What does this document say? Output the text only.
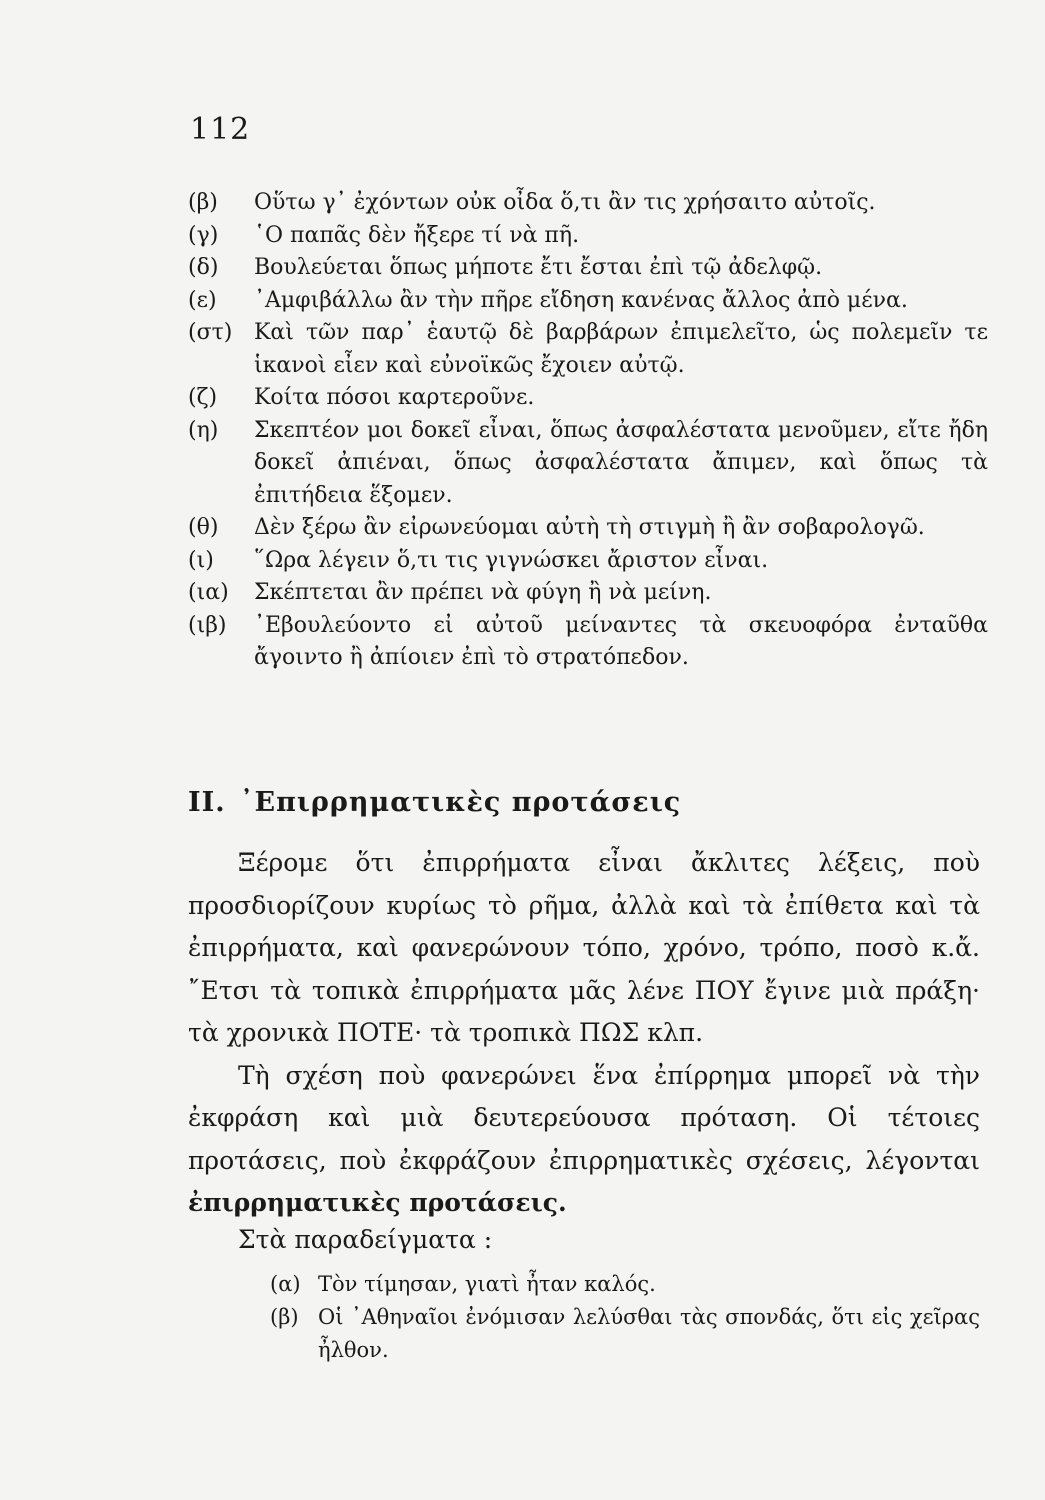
112
(β)	Οὕτω γ᾽ ἐχόντων οὐκ οἶδα ὅ,τι ἂν τις χρήσαιτο αὐτοῖς.
(γ)	῾Ο παπᾶς δὲν ἤξερε τί νὰ πῆ.
(δ)	Βουλεύεται ὅπως μήποτε ἔτι ἔσται ἐπὶ τῷ ἀδελφῷ.
(ε)	᾽Αμφιβάλλω ἂν τὴν πῆρε εἴδηση κανένας ἄλλος ἀπὸ μένα.
(στ) Καὶ τῶν παρ᾽ ἑαυτῷ δὲ βαρβάρων ἐπιμελεῖτο, ὡς πολεμεῖν τε ἱκανοὶ εἶεν καὶ εὐνοϊκῶς ἔχοιεν αὐτῷ.
(ζ)	Κοίτα πόσοι καρτεροῦνε.
(η)	Σκεπτέον μοι δοκεῖ εἶναι, ὅπως ἀσφαλέστατα μενοῦμεν, εἴτε ἤδη δοκεῖ ἀπιέναι, ὅπως ἀσφαλέστατα ἄπιμεν, καὶ ὅπως τὰ ἐπιτήδεια ἕξομεν.
(θ)	Δὲν ξέρω ἂν εἰρωνεύομαι αὐτὴ τὴ στιγμὴ ἢ ἂν σοβαρολογῶ.
(ι)	῞Ωρα λέγειν ὅ,τι τις γιγνώσκει ἄριστον εἶναι.
(ια)	Σκέπτεται ἂν πρέπει νὰ φύγη ἢ νὰ μείνη.
(ιβ)	᾽Εβουλεύοντο εἰ αὐτοῦ μείναντες τὰ σκευοφόρα ἐνταῦθα ἄγοιντο ἢ ἀπίοιεν ἐπὶ τὸ στρατόπεδον.
II. ᾽Επιρρηματικὲς προτάσεις

Ξέρομε ὅτι ἐπιρρήματα εἶναι ἄκλιτες λέξεις, ποὺ προσδιορίζουν κυρίως τὸ ρῆμα, ἀλλὰ καὶ τὰ ἐπίθετα καὶ τὰ ἐπιρρήματα, καὶ φανερώνουν τόπο, χρόνο, τρόπο, ποσὸ κ.ἄ. ῎Ετσι τὰ τοπικὰ ἐπιρρήματα μᾶς λένε ΠΟΥ ἔγινε μιὰ πράξη· τὰ χρονικὰ ΠΟΤΕ· τὰ τροπικὰ ΠΩΣ κλπ.

Τὴ σχέση ποὺ φανερώνει ἕνα ἐπίρρημα μπορεῖ νὰ τὴν ἐκφράση καὶ μιὰ δευτερεύουσα πρόταση. Οἱ τέτοιες προτάσεις, ποὺ ἐκφράζουν ἐπιρρηματικὲς σχέσεις, λέγονται ἐπιρρηματικὲς προτάσεις.

Στὰ παραδείγματα :
(α) Τὸν τίμησαν, γιατὶ ἦταν καλός.
(β) Οἱ ᾽Αθηναῖοι ἐνόμισαν λελύσθαι τὰς σπονδάς, ὅτι εἰς χεῖρας ἦλθον.
